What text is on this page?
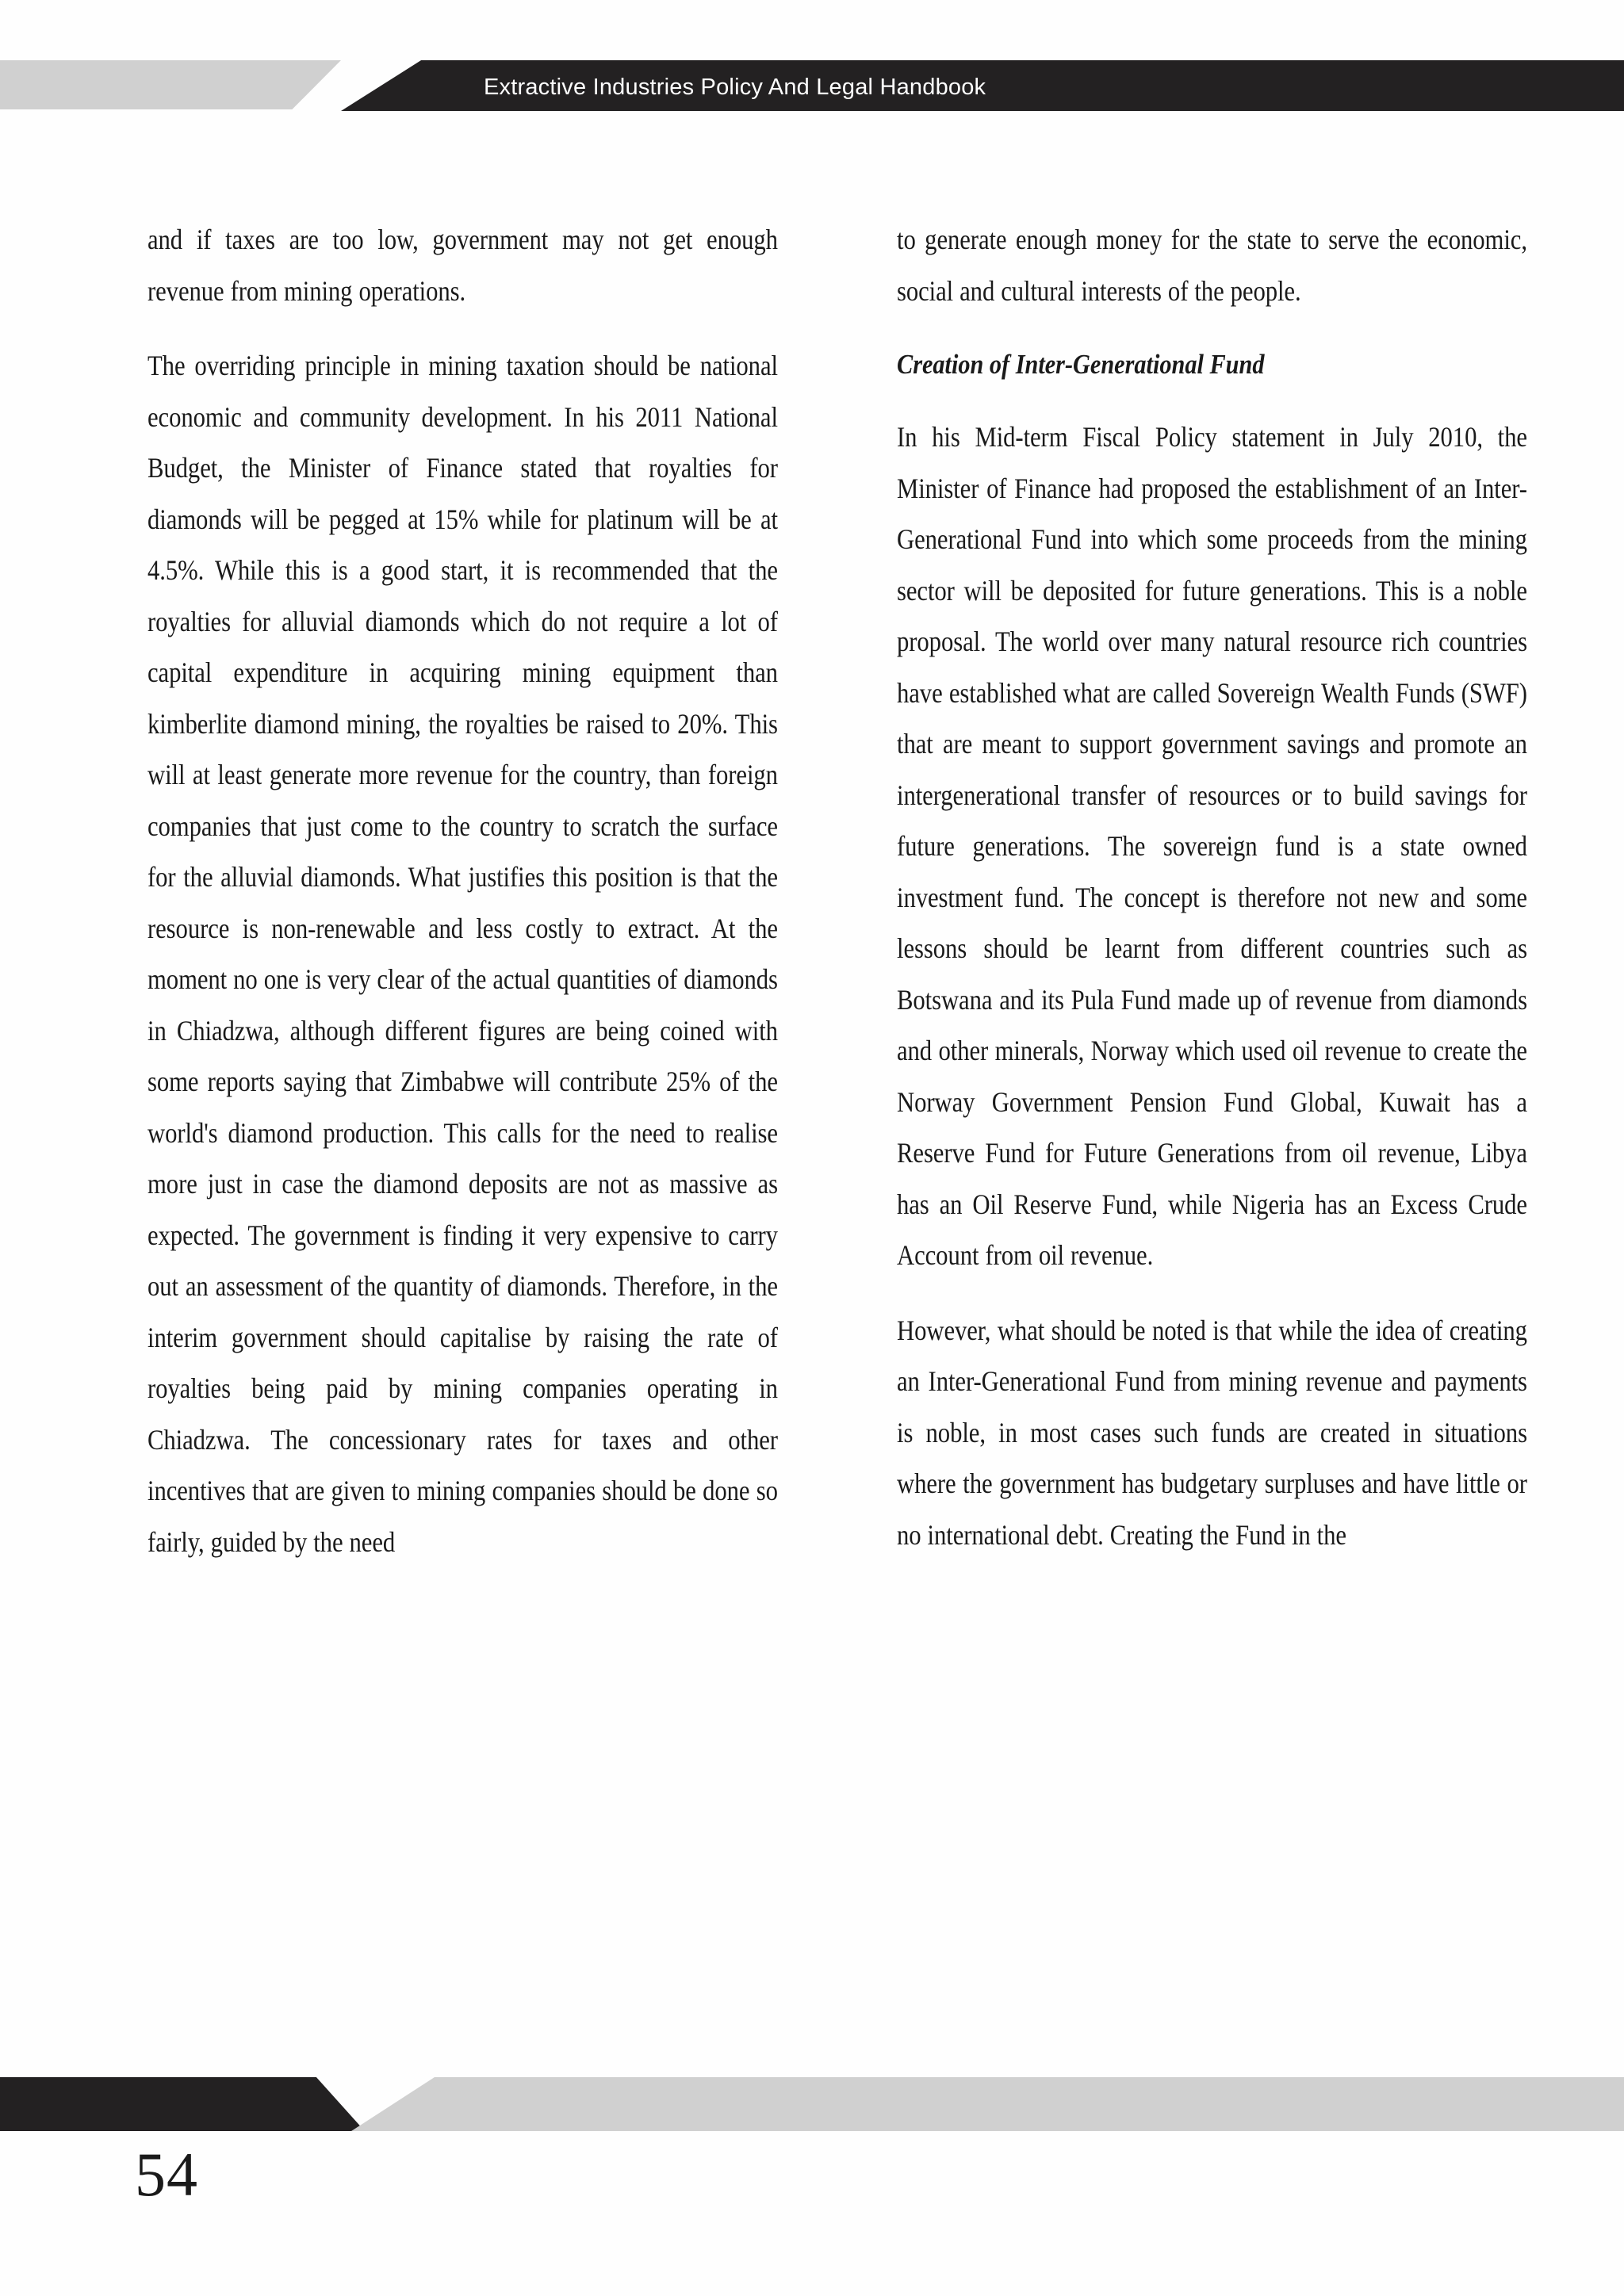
Extractive Industries Policy And Legal Handbook

and if taxes are too low, government may not get enough revenue from mining operations.

The overriding principle in mining taxation should be national economic and community development. In his 2011 National Budget, the Minister of Finance stated that royalties for diamonds will be pegged at 15% while for platinum will be at 4.5%. While this is a good start, it is recommended that the royalties for alluvial diamonds which do not require a lot of capital expenditure in acquiring mining equipment than kimberlite diamond mining, the royalties be raised to 20%. This will at least generate more revenue for the country, than foreign companies that just come to the country to scratch the surface for the alluvial diamonds. What justifies this position is that the resource is non-renewable and less costly to extract. At the moment no one is very clear of the actual quantities of diamonds in Chiadzwa, although different figures are being coined with some reports saying that Zimbabwe will contribute 25% of the world's diamond production. This calls for the need to realise more just in case the diamond deposits are not as massive as expected. The government is finding it very expensive to carry out an assessment of the quantity of diamonds. Therefore, in the interim government should capitalise by raising the rate of royalties being paid by mining companies operating in Chiadzwa. The concessionary rates for taxes and other incentives that are given to mining companies should be done so fairly, guided by the need

to generate enough money for the state to serve the economic, social and cultural interests of the people.

Creation of Inter-Generational Fund

In his Mid-term Fiscal Policy statement in July 2010, the Minister of Finance had proposed the establishment of an Inter-Generational Fund into which some proceeds from the mining sector will be deposited for future generations. This is a noble proposal. The world over many natural resource rich countries have established what are called Sovereign Wealth Funds (SWF) that are meant to support government savings and promote an intergenerational transfer of resources or to build savings for future generations. The sovereign fund is a state owned investment fund. The concept is therefore not new and some lessons should be learnt from different countries such as Botswana and its Pula Fund made up of revenue from diamonds and other minerals, Norway which used oil revenue to create the Norway Government Pension Fund Global, Kuwait has a Reserve Fund for Future Generations from oil revenue, Libya has an Oil Reserve Fund, while Nigeria has an Excess Crude Account from oil revenue.

However, what should be noted is that while the idea of creating an Inter-Generational Fund from mining revenue and payments is noble, in most cases such funds are created in situations where the government has budgetary surpluses and have little or no international debt. Creating the Fund in the

54
